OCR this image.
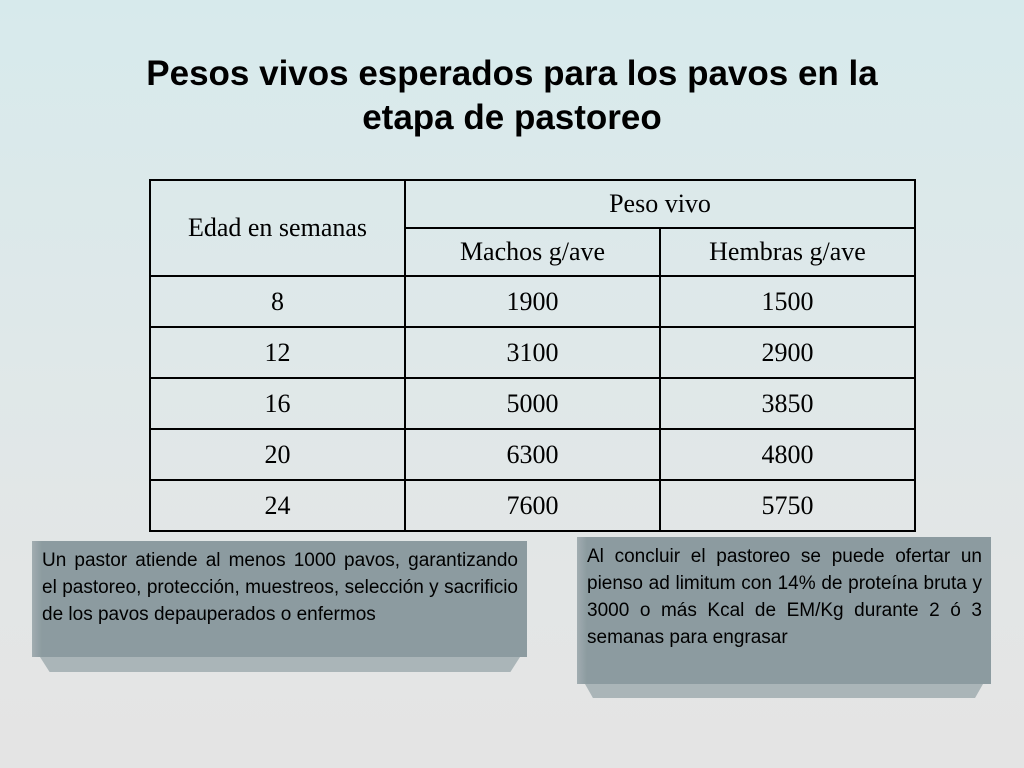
Pesos vivos esperados para los pavos en la
etapa de pastoreo
Edad en semanas	Peso vivo	
	Machos g/ave	Hembras g/ave
8	1900	1500
12	3100	2900
16	5000	3850
20	6300	4800
24	7600	5750

Un pastor atiende al menos 1000 pavos, garantizando el pastoreo, protección, muestreos, selección y sacrificio de los pavos depauperados o enfermos

Al concluir el pastoreo se puede ofertar un pienso ad limitum con 14% de proteína bruta y 3000 o más Kcal de EM/Kg durante 2 ó 3 semanas para engrasar
